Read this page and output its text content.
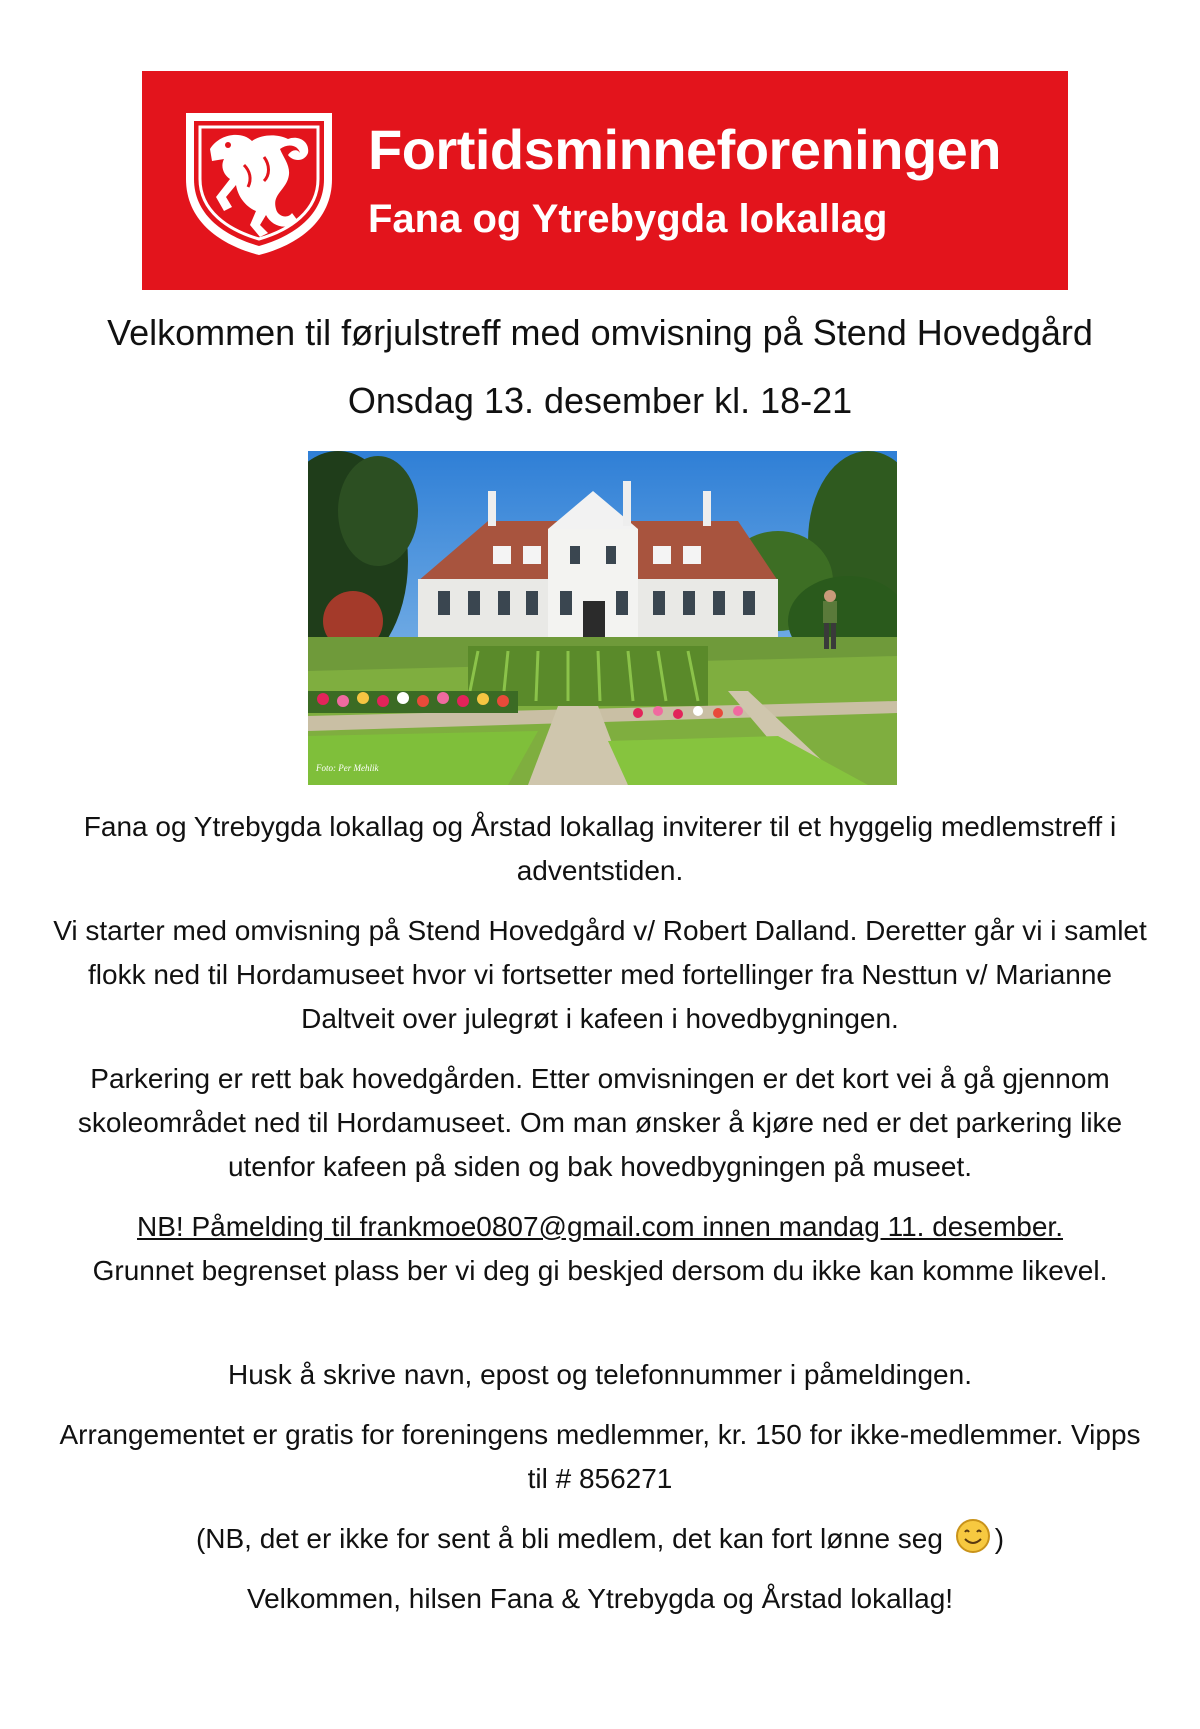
Fortidsminneforeningen
Fana og Ytrebygda lokallag
Velkommen til førjulstreff med omvisning på Stend Hovedgård
Onsdag 13. desember kl. 18-21
Foto: Per Mehlik
Fana og Ytrebygda lokallag og Årstad lokallag inviterer til et hyggelig medlemstreff i adventstiden.
Vi starter med omvisning på Stend Hovedgård v/ Robert Dalland. Deretter går vi i samlet flokk ned til Hordamuseet hvor vi fortsetter med fortellinger fra Nesttun v/ Marianne Daltveit over julegrøt i kafeen i hovedbygningen.
Parkering er rett bak hovedgården. Etter omvisningen er det kort vei å gå gjennom skoleområdet ned til Hordamuseet. Om man ønsker å kjøre ned er det parkering like utenfor kafeen på siden og bak hovedbygningen på museet.
NB! Påmelding til frankmoe0807@gmail.com innen mandag 11. desember.
Grunnet begrenset plass ber vi deg gi beskjed dersom du ikke kan komme likevel.
Husk å skrive navn, epost og telefonnummer i påmeldingen.
Arrangementet er gratis for foreningens medlemmer, kr. 150 for ikke-medlemmer. Vipps til # 856271
(NB, det er ikke for sent å bli medlem, det kan fort lønne seg )
Velkommen, hilsen Fana & Ytrebygda og Årstad lokallag!
